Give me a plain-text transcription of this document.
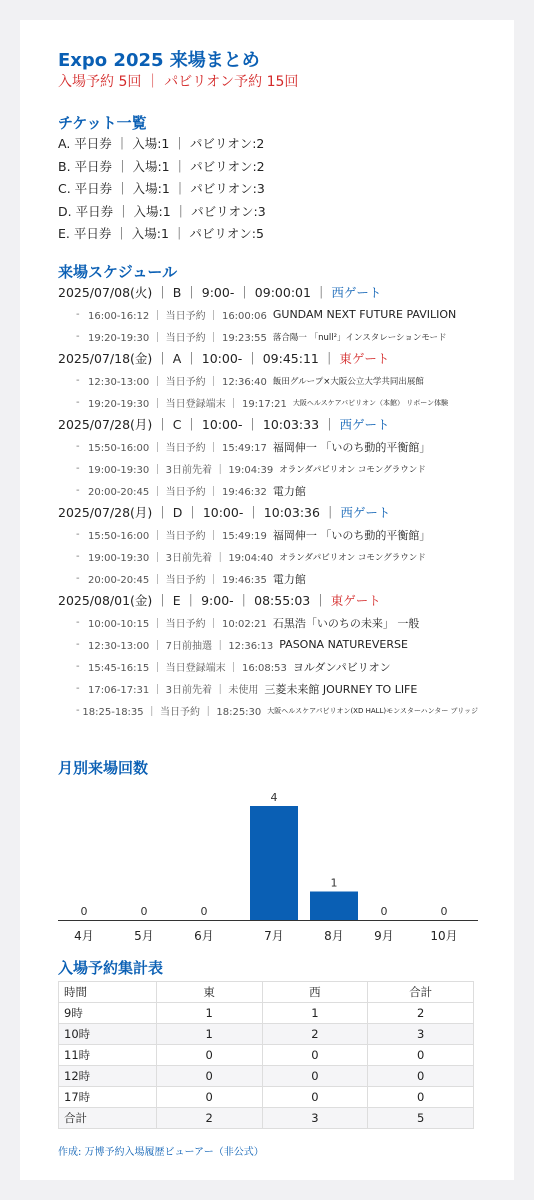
Expo 2025 来場まとめ
入場予約 5回 ｜ パビリオン予約 15回
チケット一覧
A. 平日券 ｜ 入場:1 ｜ パビリオン:2
B. 平日券 ｜ 入場:1 ｜ パビリオン:2
C. 平日券 ｜ 入場:1 ｜ パビリオン:3
D. 平日券 ｜ 入場:1 ｜ パビリオン:3
E. 平日券 ｜ 入場:1 ｜ パビリオン:5
来場スケジュール
2025/07/08(火) ｜ B ｜ 9:00- ｜ 09:00:01 ｜ 西ゲート
- 16:00-16:12 ｜ 当日予約 ｜ 16:00:06 GUNDAM NEXT FUTURE PAVILION
- 19:20-19:30 ｜ 当日予約 ｜ 19:23:55 落合陽一 「null²」インスタレーションモード
2025/07/18(金) ｜ A ｜ 10:00- ｜ 09:45:11 ｜ 東ゲート
- 12:30-13:00 ｜ 当日予約 ｜ 12:36:40 飯田グループ×大阪公立大学共同出展館
- 19:20-19:30 ｜ 当日登録端末 ｜ 19:17:21 大阪ヘルスケアパビリオン（本館） リボーン体験
2025/07/28(月) ｜ C ｜ 10:00- ｜ 10:03:33 ｜ 西ゲート
- 15:50-16:00 ｜ 当日予約 ｜ 15:49:17 福岡伸一 「いのち動的平衡館」
- 19:00-19:30 ｜ 3日前先着 ｜ 19:04:39 オランダパビリオン コモングラウンド
- 20:00-20:45 ｜ 当日予約 ｜ 19:46:32 電力館
2025/07/28(月) ｜ D ｜ 10:00- ｜ 10:03:36 ｜ 西ゲート
- 15:50-16:00 ｜ 当日予約 ｜ 15:49:19 福岡伸一 「いのち動的平衡館」
- 19:00-19:30 ｜ 3日前先着 ｜ 19:04:40 オランダパビリオン コモングラウンド
- 20:00-20:45 ｜ 当日予約 ｜ 19:46:35 電力館
2025/08/01(金) ｜ E ｜ 9:00- ｜ 08:55:03 ｜ 東ゲート
- 10:00-10:15 ｜ 当日予約 ｜ 10:02:21 石黒浩「いのちの未来」 一般
- 12:30-13:00 ｜ 7日前抽選 ｜ 12:36:13 PASONA NATUREVERSE
- 15:45-16:15 ｜ 当日登録端末 ｜ 16:08:53 ヨルダンパビリオン
- 17:06-17:31 ｜ 3日前先着 ｜ 未使用 三菱未来館 JOURNEY TO LIFE
- 18:25-18:35 ｜ 当日予約 ｜ 18:25:30 大阪ヘルスケアパビリオン(XD HALL)モンスターハンター ブリッジ
月別来場回数
0
4月
0
5月
0
6月
4
7月
1
8月
0
9月
0
10月
入場予約集計表
時間	東	西	合計
9時	1	1	2
10時	1	2	3
11時	0	0	0
12時	0	0	0
17時	0	0	0
合計	2	3	5
作成: 万博予約入場履歴ビューアー（非公式）
